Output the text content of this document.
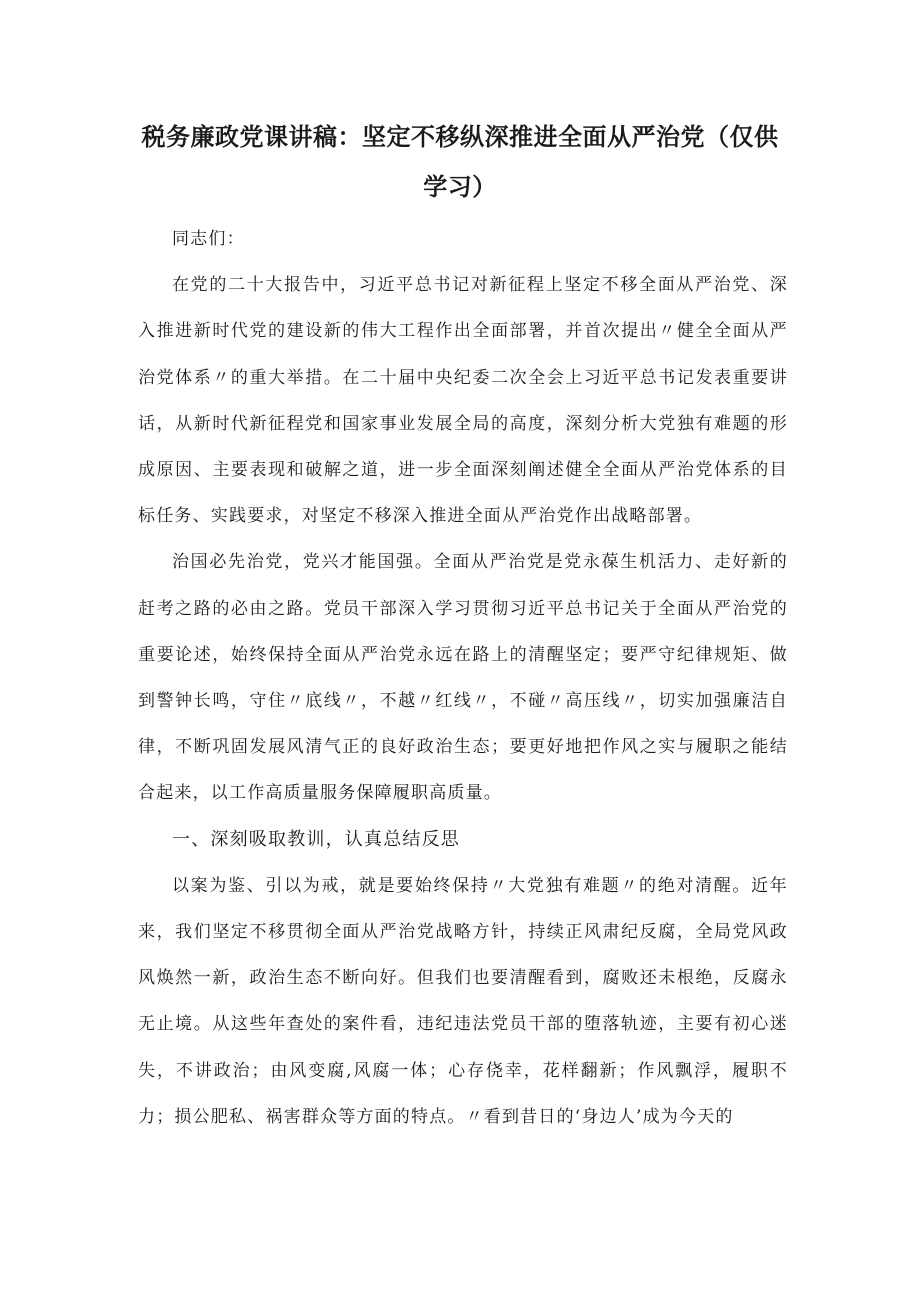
税务廉政党课讲稿：坚定不移纵深推进全面从严治党（仅供学习）

同志们：

在党的二十大报告中，习近平总书记对新征程上坚定不移全面从严治党、深入推进新时代党的建设新的伟大工程作出全面部署，并首次提出〃健全全面从严治党体系〃的重大举措。在二十届中央纪委二次全会上习近平总书记发表重要讲话，从新时代新征程党和国家事业发展全局的高度，深刻分析大党独有难题的形成原因、主要表现和破解之道，进一步全面深刻阐述健全全面从严治党体系的目标任务、实践要求，对坚定不移深入推进全面从严治党作出战略部署。

治国必先治党，党兴才能国强。全面从严治党是党永葆生机活力、走好新的赶考之路的必由之路。党员干部深入学习贯彻习近平总书记关于全面从严治党的重要论述，始终保持全面从严治党永远在路上的清醒坚定；要严守纪律规矩、做到警钟长鸣，守住〃底线〃，不越〃红线〃，不碰〃高压线〃，切实加强廉洁自律，不断巩固发展风清气正的良好政治生态；要更好地把作风之实与履职之能结合起来，以工作高质量服务保障履职高质量。

一、深刻吸取教训，认真总结反思

以案为鉴、引以为戒，就是要始终保持〃大党独有难题〃的绝对清醒。近年来，我们坚定不移贯彻全面从严治党战略方针，持续正风肃纪反腐，全局党风政风焕然一新，政治生态不断向好。但我们也要清醒看到，腐败还未根绝，反腐永无止境。从这些年查处的案件看，违纪违法党员干部的堕落轨迹，主要有初心迷失，不讲政治；由风变腐,风腐一体；心存侥幸，花样翻新；作风飘浮，履职不力；损公肥私、祸害群众等方面的特点。〃看到昔日的‘身边人’成为今天的
